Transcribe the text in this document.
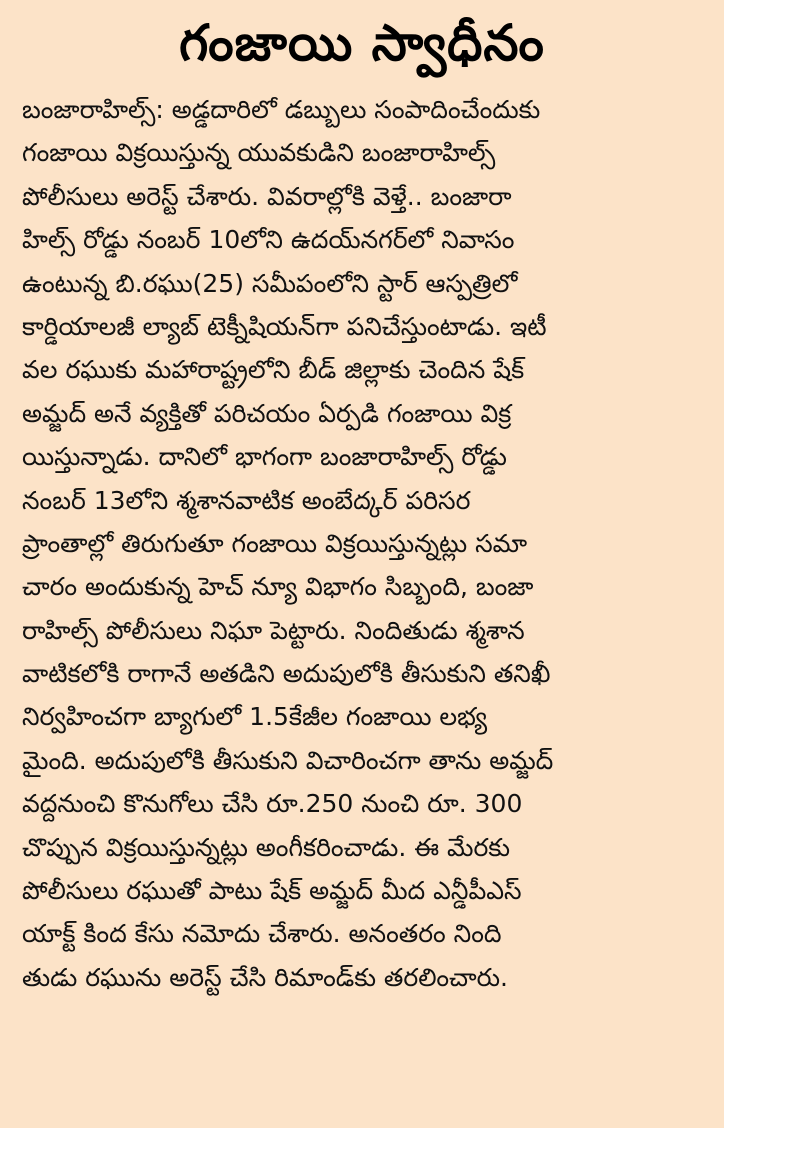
గంజాయి స్వాధీనం
బంజారాహిల్స్‌: అడ్డదారిలో డబ్బులు సంపాదించేందుకు
గంజాయి విక్రయిస్తున్న యువకుడిని బంజారాహిల్స్‌
పోలీసులు అరెస్ట్‌ చేశారు. వివరాల్లోకి వెళ్తే.. బంజారా
హిల్స్‌ రోడ్డు నంబర్‌ 10లోని ఉదయ్‌నగర్‌లో నివాసం
ఉంటున్న బి.రఘు(25) సమీపంలోని స్టార్‌ ఆస్పత్రిలో
కార్డియాలజీ ల్యాబ్‌ టెక్నీషియన్‌గా పనిచేస్తుంటాడు. ఇటీ
వల రఘుకు మహారాష్ట్రలోని బీడ్‌ జిల్లాకు చెందిన షేక్‌
అమ్జద్‌ అనే వ్యక్తితో పరిచయం ఏర్పడి గంజాయి విక్ర
యిస్తున్నాడు. దానిలో భాగంగా బంజారాహిల్స్‌ రోడ్డు
నంబర్‌ 13లోని శ్మశానవాటిక అంబేద్కర్‌ పరిసర
ప్రాంతాల్లో తిరుగుతూ గంజాయి విక్రయిస్తున్నట్లు సమా
చారం అందుకున్న హెచ్‌ న్యూ విభాగం సిబ్బంది, బంజా
రాహిల్స్‌ పోలీసులు నిఘా పెట్టారు. నిందితుడు శ్మశాన
వాటికలోకి రాగానే అతడిని అదుపులోకి తీసుకుని తనిఖీ
నిర్వహించగా బ్యాగులో 1.5కేజీల గంజాయి లభ్య
మైంది. అదుపులోకి తీసుకుని విచారించగా తాను అమ్జద్‌
వద్దనుంచి కొనుగోలు చేసి రూ.250 నుంచి రూ. 300
చొప్పున విక్రయిస్తున్నట్లు అంగీకరించాడు. ఈ మేరకు
పోలీసులు రఘుతో పాటు షేక్‌ అమ్జద్‌ మీద ఎన్డీపీఎస్‌
యాక్ట్‌ కింద కేసు నమోదు చేశారు. అనంతరం నింది
తుడు రఘును అరెస్ట్‌ చేసి రిమాండ్‌కు తరలించారు.
